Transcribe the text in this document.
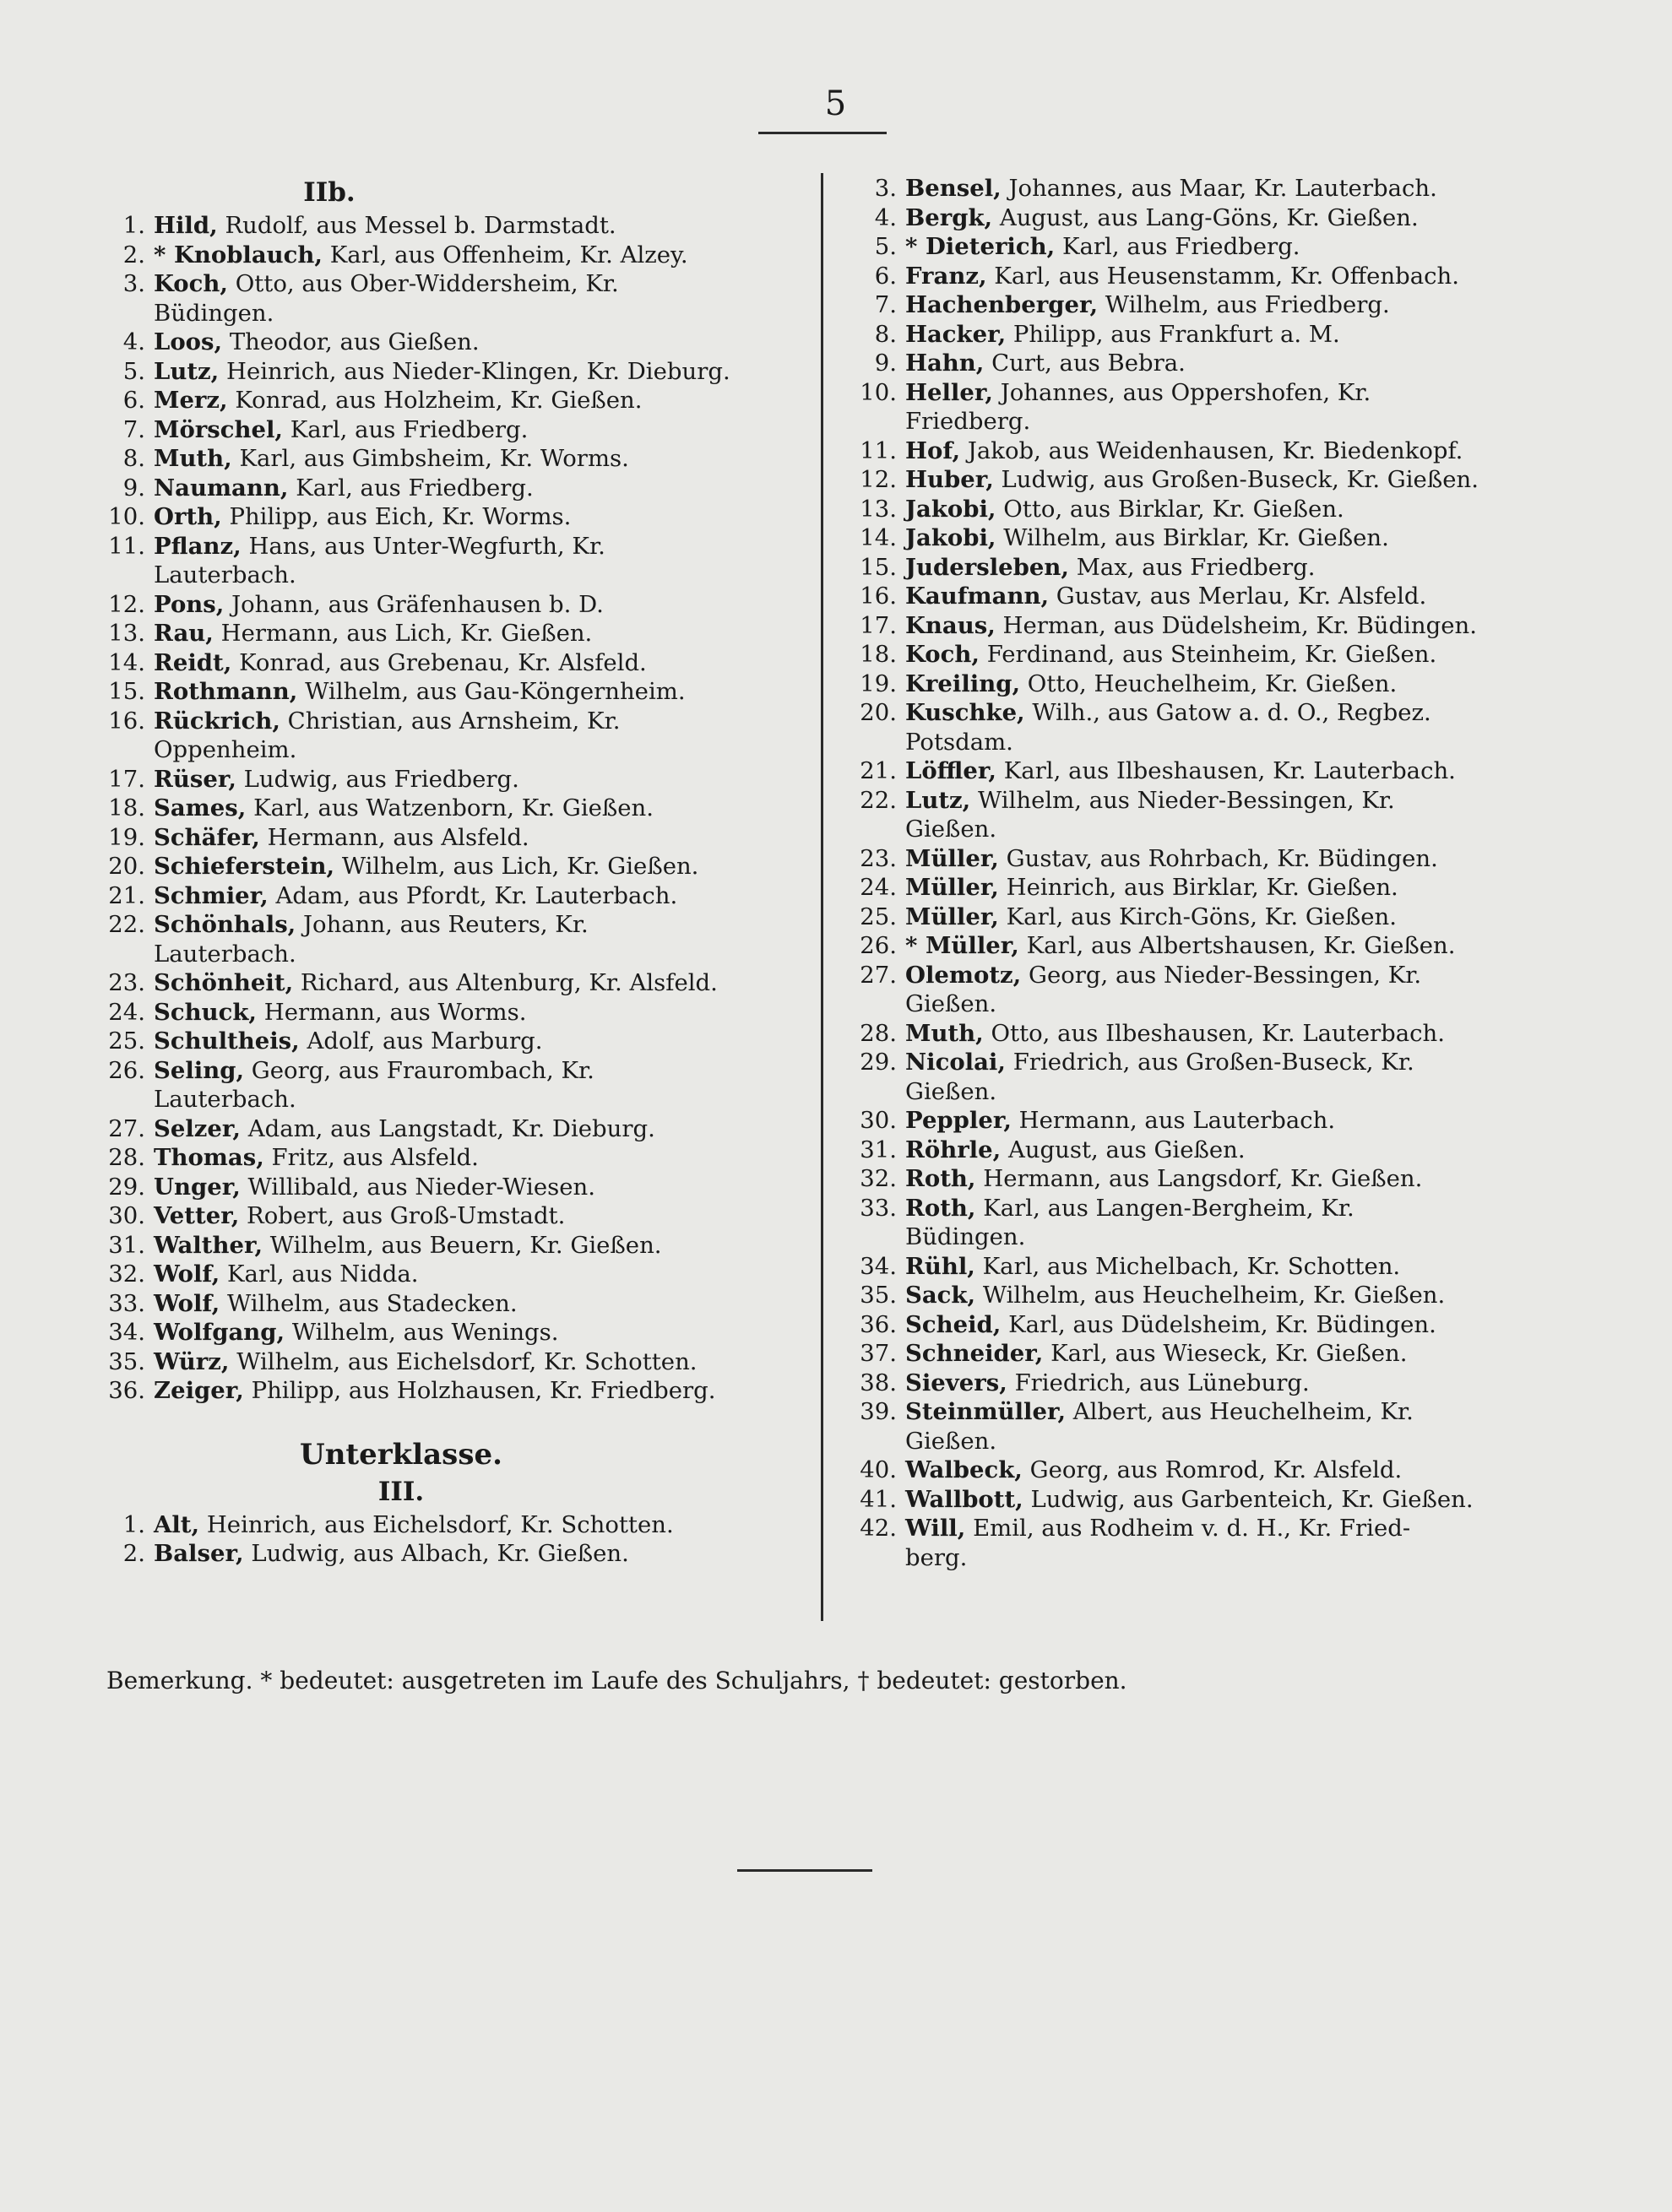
5
IIb.
1. Hild, Rudolf, aus Messel b. Darmstadt.
2. * Knoblauch, Karl, aus Offenheim, Kr. Alzey.
3. Koch, Otto, aus Ober-Widdersheim, Kr.
Büdingen.
4. Loos, Theodor, aus Gießen.
5. Lutz, Heinrich, aus Nieder-Klingen, Kr. Dieburg.
6. Merz, Konrad, aus Holzheim, Kr. Gießen.
7. Mörschel, Karl, aus Friedberg.
8. Muth, Karl, aus Gimbsheim, Kr. Worms.
9. Naumann, Karl, aus Friedberg.
10. Orth, Philipp, aus Eich, Kr. Worms.
11. Pflanz, Hans, aus Unter-Wegfurth, Kr.
Lauterbach.
12. Pons, Johann, aus Gräfenhausen b. D.
13. Rau, Hermann, aus Lich, Kr. Gießen.
14. Reidt, Konrad, aus Grebenau, Kr. Alsfeld.
15. Rothmann, Wilhelm, aus Gau-Köngernheim.
16. Rückrich, Christian, aus Arnsheim, Kr.
Oppenheim.
17. Rüser, Ludwig, aus Friedberg.
18. Sames, Karl, aus Watzenborn, Kr. Gießen.
19. Schäfer, Hermann, aus Alsfeld.
20. Schieferstein, Wilhelm, aus Lich, Kr. Gießen.
21. Schmier, Adam, aus Pfordt, Kr. Lauterbach.
22. Schönhals, Johann, aus Reuters, Kr.
Lauterbach.
23. Schönheit, Richard, aus Altenburg, Kr. Alsfeld.
24. Schuck, Hermann, aus Worms.
25. Schultheis, Adolf, aus Marburg.
26. Seling, Georg, aus Fraurombach, Kr.
Lauterbach.
27. Selzer, Adam, aus Langstadt, Kr. Dieburg.
28. Thomas, Fritz, aus Alsfeld.
29. Unger, Willibald, aus Nieder-Wiesen.
30. Vetter, Robert, aus Groß-Umstadt.
31. Walther, Wilhelm, aus Beuern, Kr. Gießen.
32. Wolf, Karl, aus Nidda.
33. Wolf, Wilhelm, aus Stadecken.
34. Wolfgang, Wilhelm, aus Wenings.
35. Würz, Wilhelm, aus Eichelsdorf, Kr. Schotten.
36. Zeiger, Philipp, aus Holzhausen, Kr. Friedberg.
Unterklasse.
III.
1. Alt, Heinrich, aus Eichelsdorf, Kr. Schotten.
2. Balser, Ludwig, aus Albach, Kr. Gießen.
3. Bensel, Johannes, aus Maar, Kr. Lauterbach.
4. Bergk, August, aus Lang-Göns, Kr. Gießen.
5. * Dieterich, Karl, aus Friedberg.
6. Franz, Karl, aus Heusenstamm, Kr. Offenbach.
7. Hachenberger, Wilhelm, aus Friedberg.
8. Hacker, Philipp, aus Frankfurt a. M.
9. Hahn, Curt, aus Bebra.
10. Heller, Johannes, aus Oppershofen, Kr.
Friedberg.
11. Hof, Jakob, aus Weidenhausen, Kr. Biedenkopf.
12. Huber, Ludwig, aus Großen-Buseck, Kr. Gießen.
13. Jakobi, Otto, aus Birklar, Kr. Gießen.
14. Jakobi, Wilhelm, aus Birklar, Kr. Gießen.
15. Judersleben, Max, aus Friedberg.
16. Kaufmann, Gustav, aus Merlau, Kr. Alsfeld.
17. Knaus, Herman, aus Düdelsheim, Kr. Büdingen.
18. Koch, Ferdinand, aus Steinheim, Kr. Gießen.
19. Kreiling, Otto, Heuchelheim, Kr. Gießen.
20. Kuschke, Wilh., aus Gatow a. d. O., Regbez.
Potsdam.
21. Löffler, Karl, aus Ilbeshausen, Kr. Lauterbach.
22. Lutz, Wilhelm, aus Nieder-Bessingen, Kr.
Gießen.
23. Müller, Gustav, aus Rohrbach, Kr. Büdingen.
24. Müller, Heinrich, aus Birklar, Kr. Gießen.
25. Müller, Karl, aus Kirch-Göns, Kr. Gießen.
26. * Müller, Karl, aus Albertshausen, Kr. Gießen.
27. Olemotz, Georg, aus Nieder-Bessingen, Kr.
Gießen.
28. Muth, Otto, aus Ilbeshausen, Kr. Lauterbach.
29. Nicolai, Friedrich, aus Großen-Buseck, Kr.
Gießen.
30. Peppler, Hermann, aus Lauterbach.
31. Röhrle, August, aus Gießen.
32. Roth, Hermann, aus Langsdorf, Kr. Gießen.
33. Roth, Karl, aus Langen-Bergheim, Kr.
Büdingen.
34. Rühl, Karl, aus Michelbach, Kr. Schotten.
35. Sack, Wilhelm, aus Heuchelheim, Kr. Gießen.
36. Scheid, Karl, aus Düdelsheim, Kr. Büdingen.
37. Schneider, Karl, aus Wieseck, Kr. Gießen.
38. Sievers, Friedrich, aus Lüneburg.
39. Steinmüller, Albert, aus Heuchelheim, Kr.
Gießen.
40. Walbeck, Georg, aus Romrod, Kr. Alsfeld.
41. Wallbott, Ludwig, aus Garbenteich, Kr. Gießen.
42. Will, Emil, aus Rodheim v. d. H., Kr. Fried-
berg.
Bemerkung. * bedeutet: ausgetreten im Laufe des Schuljahrs, † bedeutet: gestorben.
